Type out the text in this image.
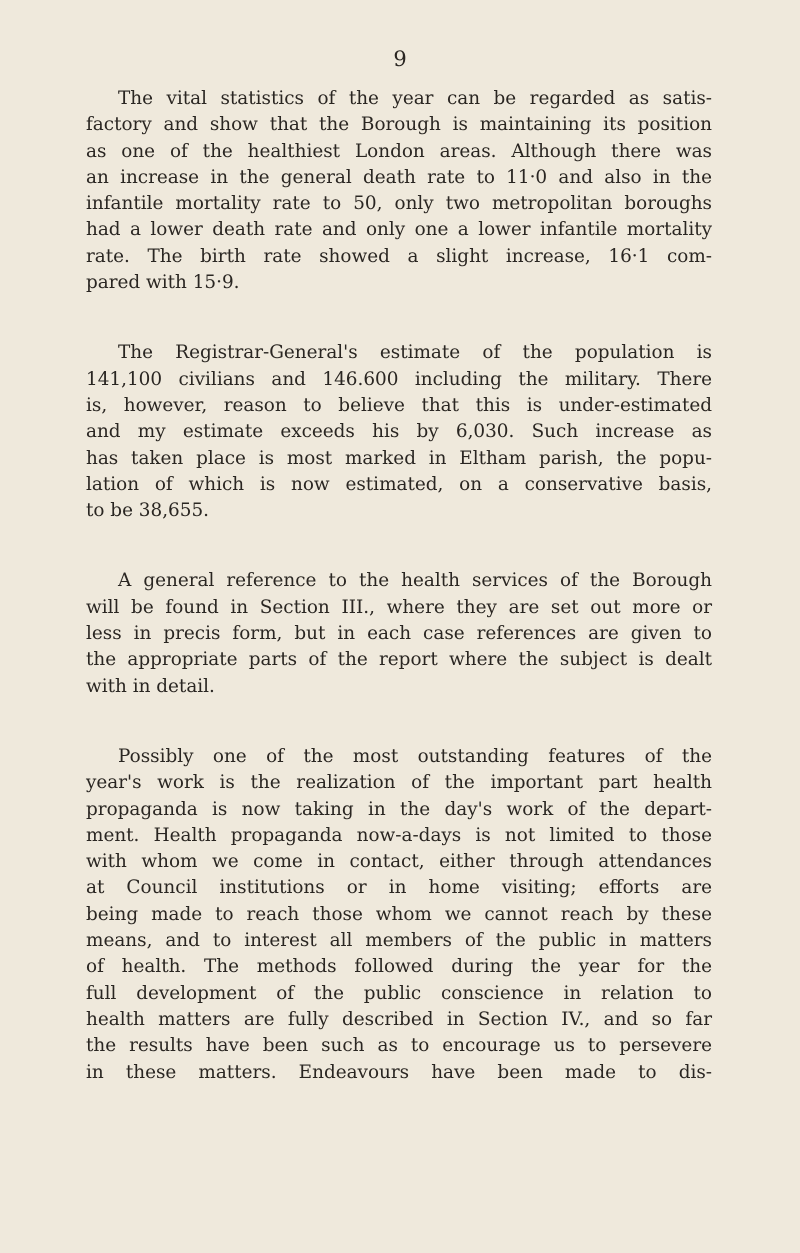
9

The vital statistics of the year can be regarded as satis-
factory and show that the Borough is maintaining its position
as one of the healthiest London areas. Although there was
an increase in the general death rate to 11·0 and also in the
infantile mortality rate to 50, only two metropolitan boroughs
had a lower death rate and only one a lower infantile mortality
rate. The birth rate showed a slight increase, 16·1 com-
pared with 15·9.

The Registrar-General's estimate of the population is
141,100 civilians and 146.600 including the military. There
is, however, reason to believe that this is under-estimated
and my estimate exceeds his by 6,030. Such increase as
has taken place is most marked in Eltham parish, the popu-
lation of which is now estimated, on a conservative basis,
to be 38,655.

A general reference to the health services of the Borough
will be found in Section III., where they are set out more or
less in precis form, but in each case references are given to
the appropriate parts of the report where the subject is dealt
with in detail.

Possibly one of the most outstanding features of the
year's work is the realization of the important part health
propaganda is now taking in the day's work of the depart-
ment. Health propaganda now-a-days is not limited to those
with whom we come in contact, either through attendances
at Council institutions or in home visiting; efforts are
being made to reach those whom we cannot reach by these
means, and to interest all members of the public in matters
of health. The methods followed during the year for the
full development of the public conscience in relation to
health matters are fully described in Section IV., and so far
the results have been such as to encourage us to persevere
in these matters. Endeavours have been made to dis-
